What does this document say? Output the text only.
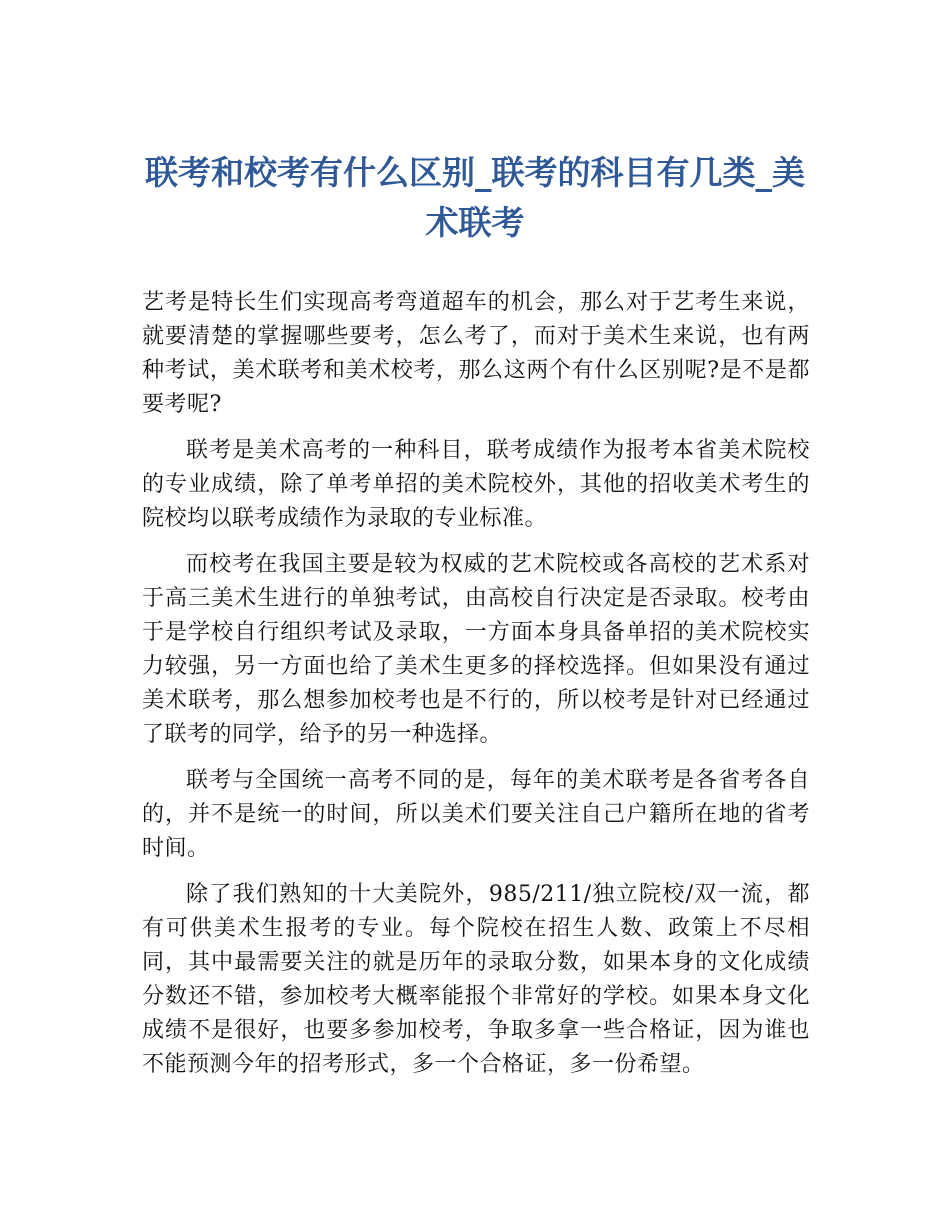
联考和校考有什么区别_联考的科目有几类_美术联考

艺考是特长生们实现高考弯道超车的机会，那么对于艺考生来说，就要清楚的掌握哪些要考，怎么考了，而对于美术生来说，也有两种考试，美术联考和美术校考，那么这两个有什么区别呢?是不是都要考呢?

联考是美术高考的一种科目，联考成绩作为报考本省美术院校的专业成绩，除了单考单招的美术院校外，其他的招收美术考生的院校均以联考成绩作为录取的专业标准。

而校考在我国主要是较为权威的艺术院校或各高校的艺术系对于高三美术生进行的单独考试，由高校自行决定是否录取。校考由于是学校自行组织考试及录取，一方面本身具备单招的美术院校实力较强，另一方面也给了美术生更多的择校选择。但如果没有通过美术联考，那么想参加校考也是不行的，所以校考是针对已经通过了联考的同学，给予的另一种选择。

联考与全国统一高考不同的是，每年的美术联考是各省考各自的，并不是统一的时间，所以美术们要关注自己户籍所在地的省考时间。

除了我们熟知的十大美院外，985/211/独立院校/双一流，都有可供美术生报考的专业。每个院校在招生人数、政策上不尽相同，其中最需要关注的就是历年的录取分数，如果本身的文化成绩分数还不错，参加校考大概率能报个非常好的学校。如果本身文化成绩不是很好，也要多参加校考，争取多拿一些合格证，因为谁也不能预测今年的招考形式，多一个合格证，多一份希望。
